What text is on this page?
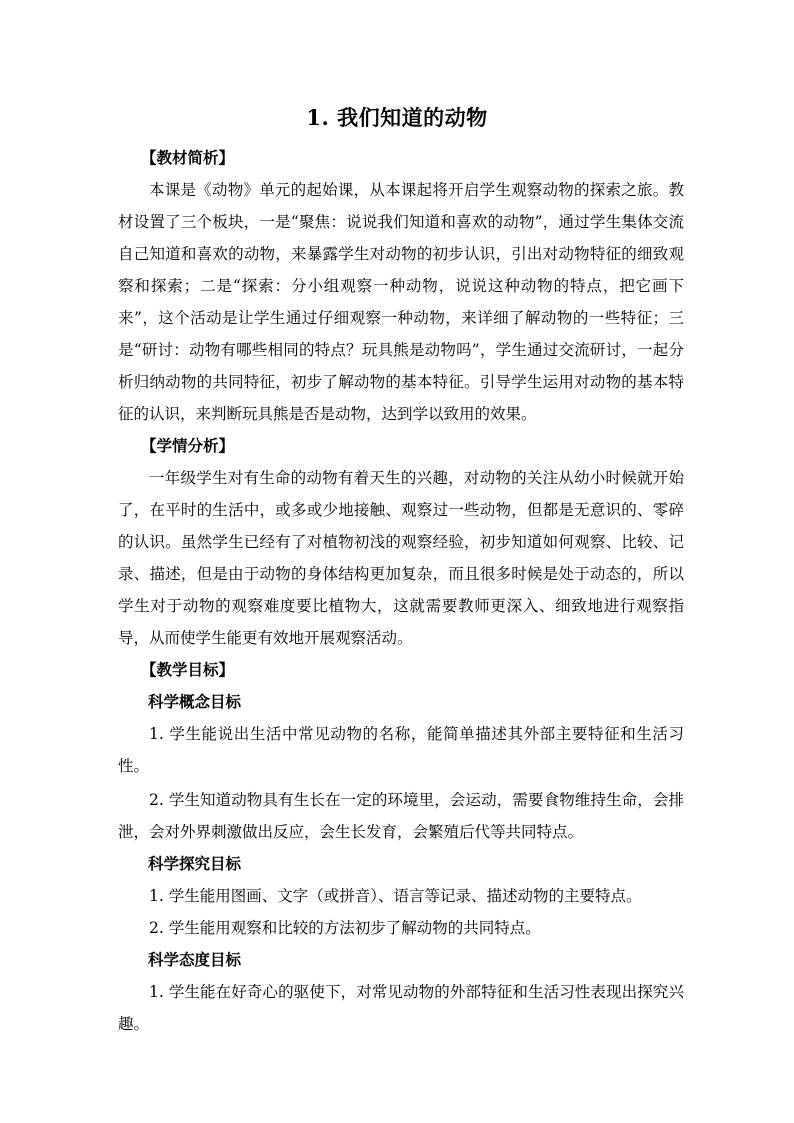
1. 我们知道的动物

【教材简析】

本课是《动物》单元的起始课，从本课起将开启学生观察动物的探索之旅。教材设置了三个板块，一是“聚焦：说说我们知道和喜欢的动物”，通过学生集体交流自己知道和喜欢的动物，来暴露学生对动物的初步认识，引出对动物特征的细致观察和探索；二是“探索：分小组观察一种动物，说说这种动物的特点，把它画下来”，这个活动是让学生通过仔细观察一种动物，来详细了解动物的一些特征；三是“研讨：动物有哪些相同的特点？玩具熊是动物吗”，学生通过交流研讨，一起分析归纳动物的共同特征，初步了解动物的基本特征。引导学生运用对动物的基本特征的认识，来判断玩具熊是否是动物，达到学以致用的效果。

【学情分析】

一年级学生对有生命的动物有着天生的兴趣，对动物的关注从幼小时候就开始了，在平时的生活中，或多或少地接触、观察过一些动物，但都是无意识的、零碎的认识。虽然学生已经有了对植物初浅的观察经验，初步知道如何观察、比较、记录、描述，但是由于动物的身体结构更加复杂，而且很多时候是处于动态的，所以学生对于动物的观察难度要比植物大，这就需要教师更深入、细致地进行观察指导，从而使学生能更有效地开展观察活动。

【教学目标】

科学概念目标

1. 学生能说出生活中常见动物的名称，能简单描述其外部主要特征和生活习性。

2. 学生知道动物具有生长在一定的环境里，会运动，需要食物维持生命，会排泄，会对外界刺激做出反应，会生长发育，会繁殖后代等共同特点。

科学探究目标

1. 学生能用图画、文字（或拼音）、语言等记录、描述动物的主要特点。

2. 学生能用观察和比较的方法初步了解动物的共同特点。

科学态度目标

1. 学生能在好奇心的驱使下，对常见动物的外部特征和生活习性表现出探究兴趣。
